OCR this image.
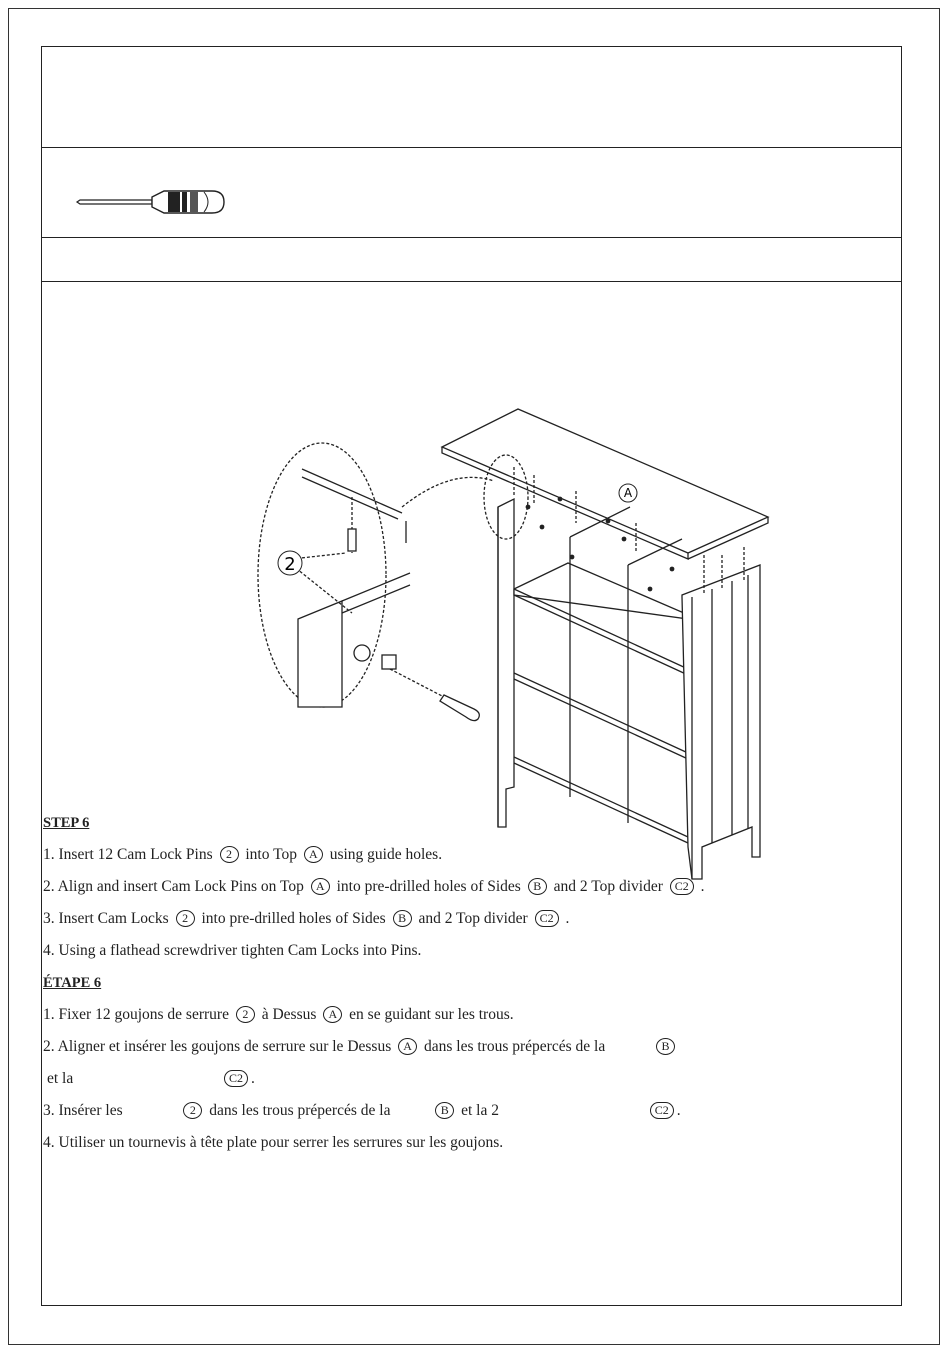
A
2
STEP 6
1. Insert 12 Cam Lock Pins 2 into Top A using guide holes.
2. Align and insert Cam Lock Pins on Top A into pre-drilled holes of Sides B and 2 Top divider C2 .
3. Insert Cam Locks 2 into pre-drilled holes of Sides B and 2 Top divider C2 .
4. Using a flathead screwdriver tighten Cam Locks into Pins.
ÉTAPE 6
1. Fixer 12 goujons de serrure 2 à Dessus A en se guidant sur les trous.
2. Aligner et insérer les goujons de serrure sur le Dessus A dans les trous prépercés de la	B
et la	C2 .
3. Insérer les	2 dans les trous prépercés de la	B et la 2	C2 .
4. Utiliser un tournevis à tête plate pour serrer les serrures sur les goujons.
